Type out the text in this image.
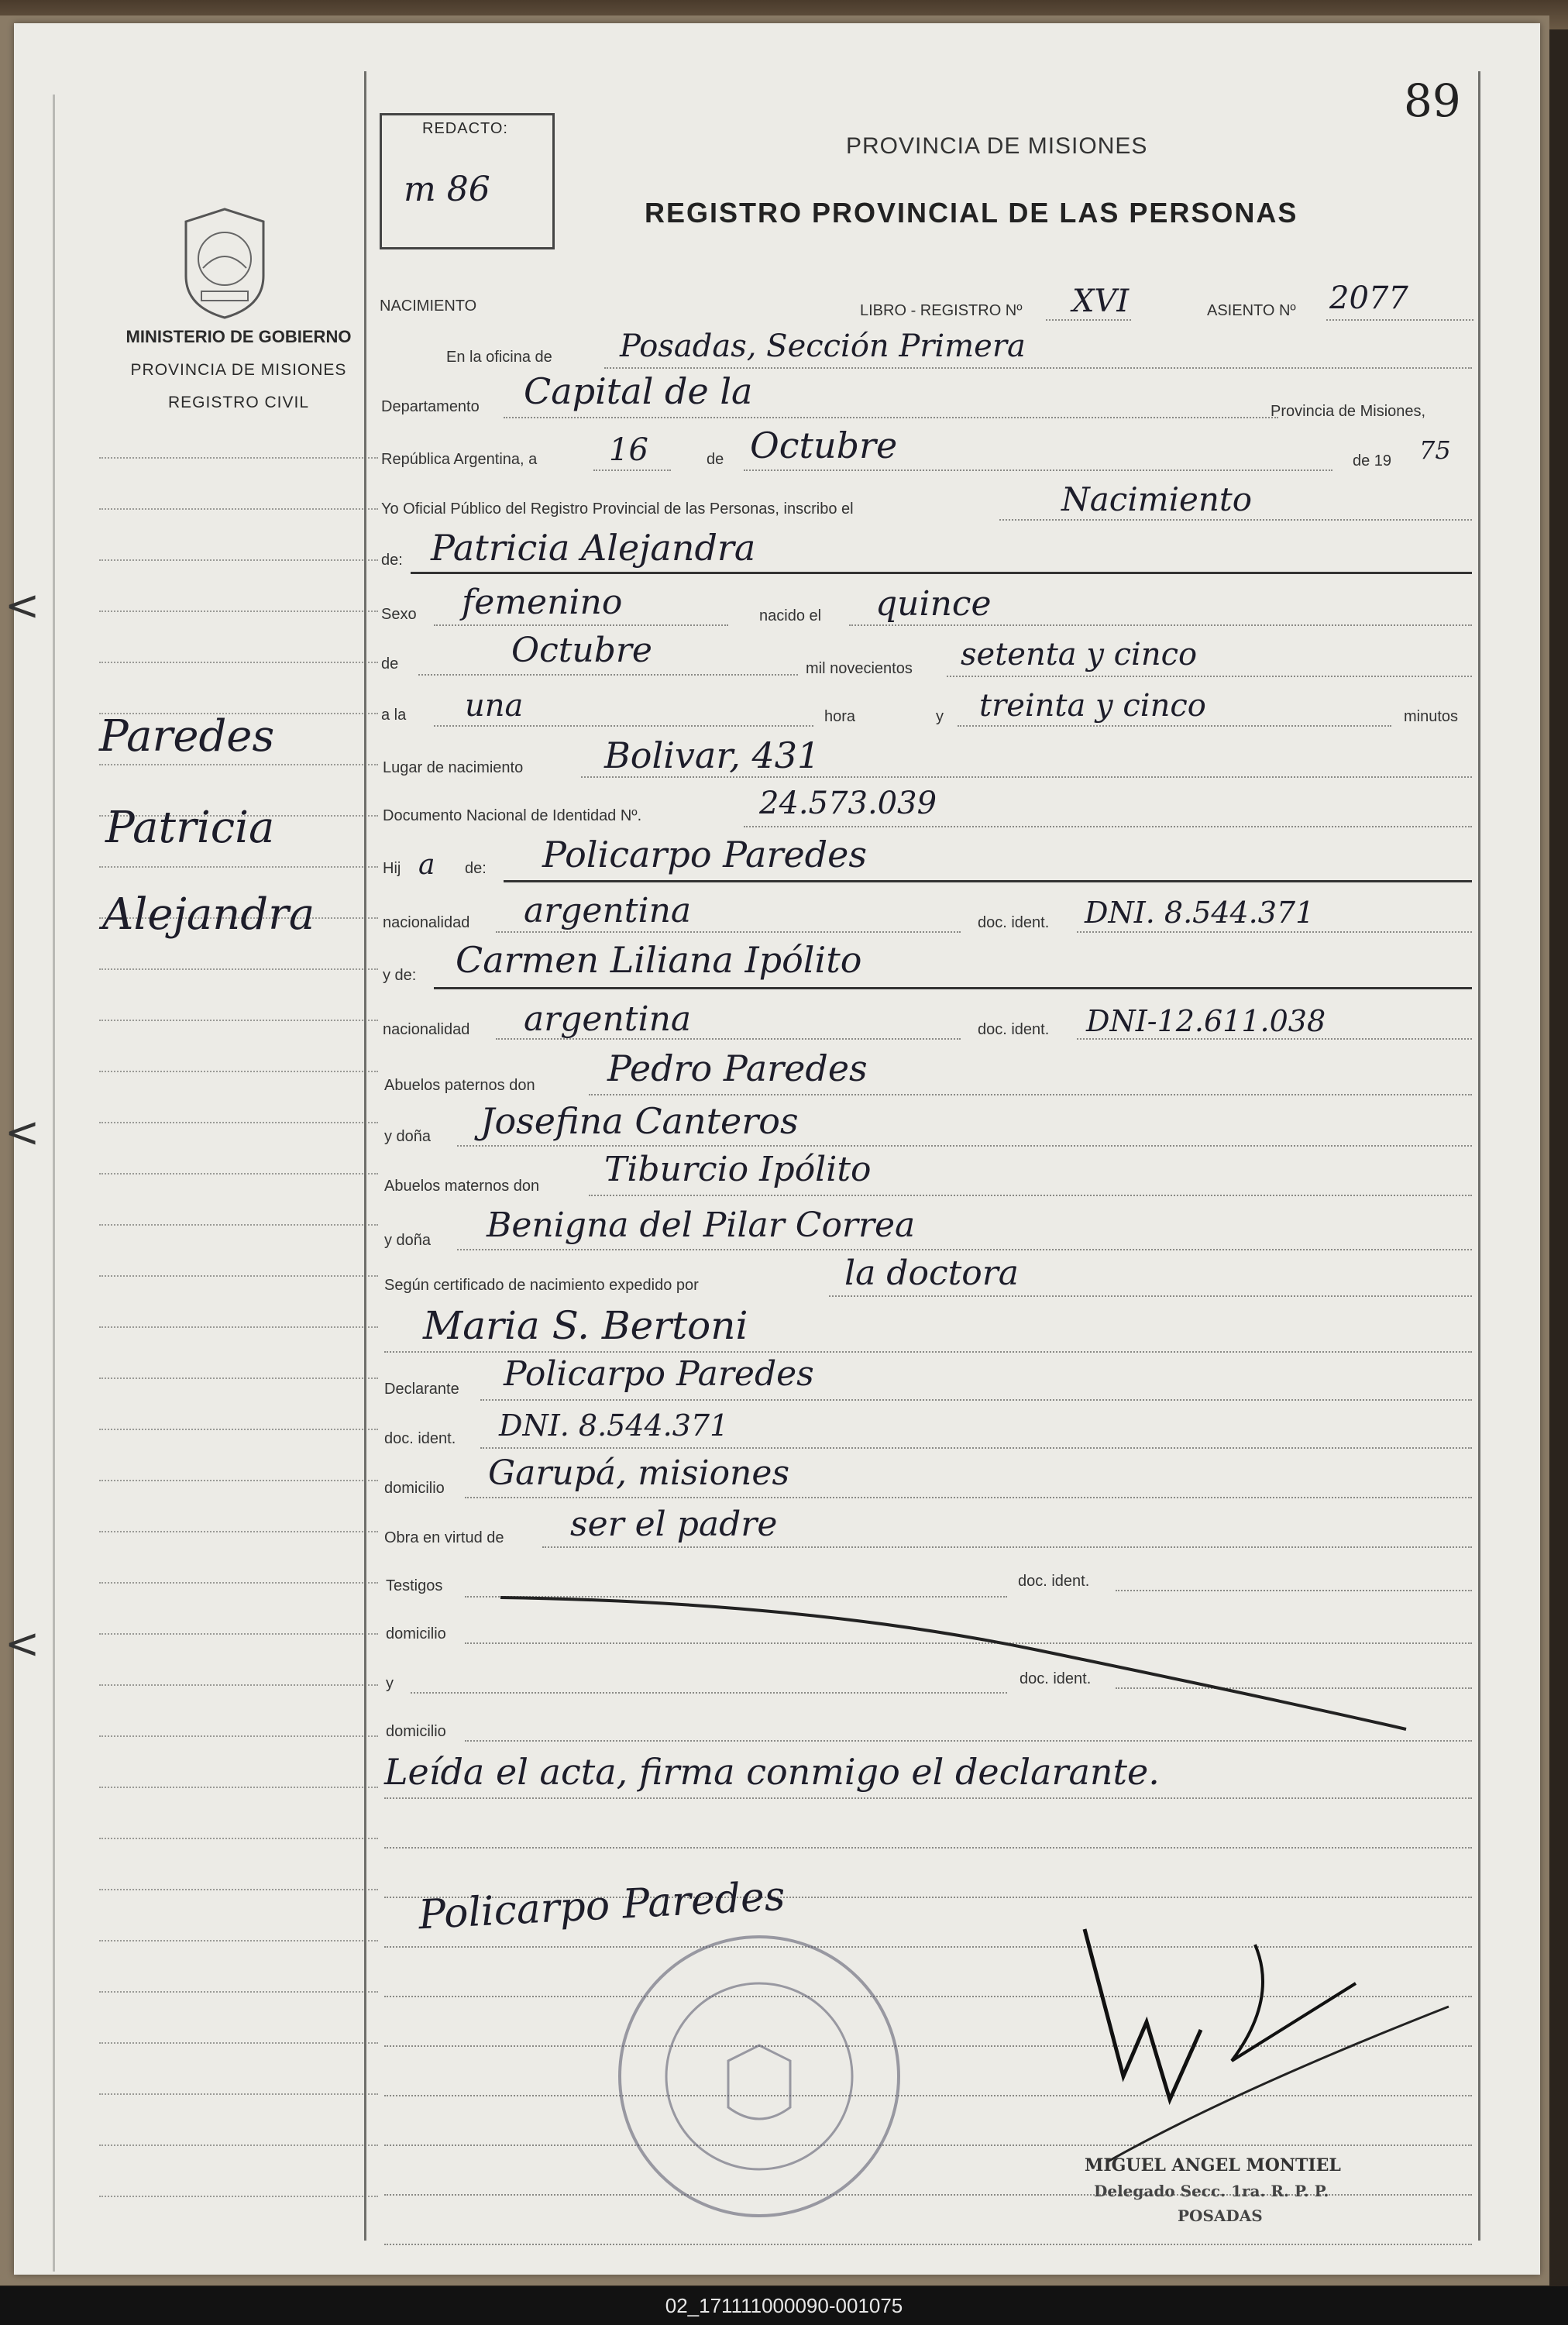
MINISTERIO DE GOBIERNO
PROVINCIA DE MISIONES
REGISTRO CIVIL
Paredes
Patricia
Alejandra
<
<
<
REDACTO:
m 86
89
PROVINCIA DE MISIONES
REGISTRO PROVINCIAL DE LAS PERSONAS
NACIMIENTO	LIBRO - REGISTRO Nº XVI	ASIENTO Nº 2077
En la oficina de Posadas, Sección Primera
Departamento Capital de la	Provincia de Misiones,
República Argentina, a 16	de Octubre	de 19 75
Yo Oficial Público del Registro Provincial de las Personas, inscribo el	Nacimiento
de: Patricia Alejandra
Sexo femenino	nacido el quince
de	Octubre	mil novecientos setenta y cinco
a la una	hora	y treinta y cinco	minutos
Lugar de nacimiento Bolivar, 431
Documento Nacional de Identidad Nº.	24.573.039
Hij a de: Policarpo Paredes
nacionalidad argentina	doc. ident. DNI. 8.544.371
y de: Carmen Liliana Ipólito
nacionalidad argentina	doc. ident. DNI-12.611.038
Abuelos paternos don Pedro Paredes
y doña Josefina Canteros
Abuelos maternos don Tiburcio Ipólito
y doña Benigna del Pilar Correa
Según certificado de nacimiento expedido por	la doctora
Maria S. Bertoni
Declarante Policarpo Paredes
doc. ident. DNI. 8.544.371
domicilio Garupá, misiones
Obra en virtud de ser el padre
Testigos	doc. ident.
domicilio
y	doc. ident.
domicilio
Leída el acta, firma conmigo el declarante.
Policarpo Paredes
MIGUEL ANGEL MONTIEL
Delegado Secc. 1ra. R. P. P.
POSADAS
02_171111000090-001075
